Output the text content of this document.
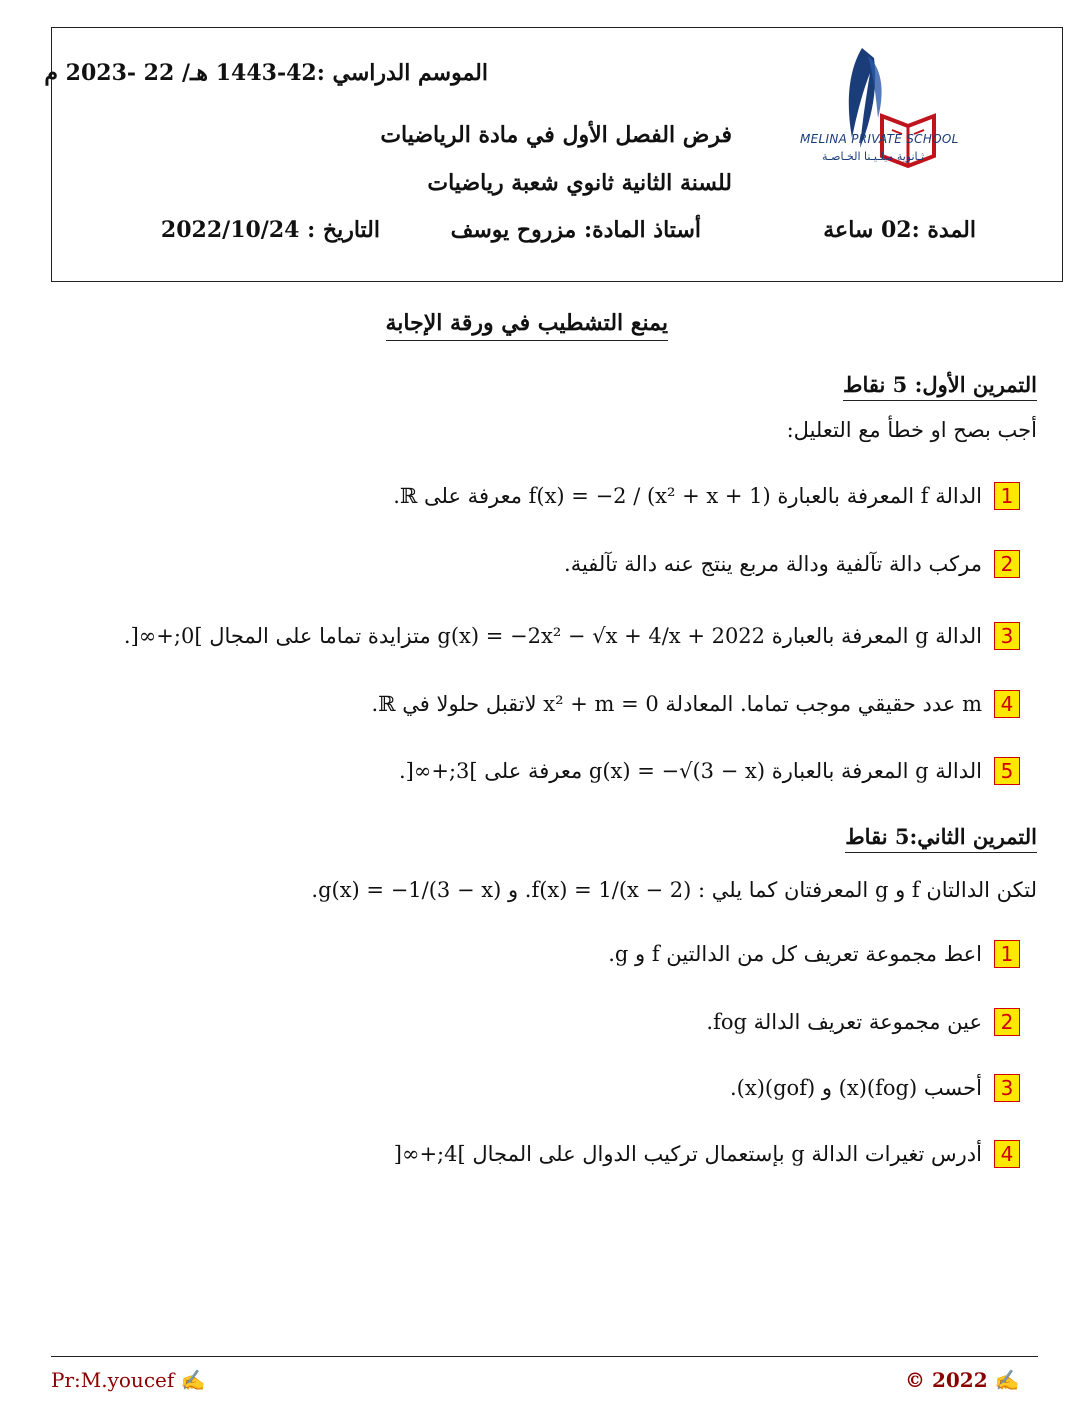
الموسم الدراسي :42-1443 هـ/ 22 -2023 م
فرض الفصل الأول في مادة الرياضيات
للسنة الثانية ثانوي شعبة رياضيات
المدة :02 ساعة
أستاذ المادة: مزروح يوسف
التاريخ : 2022/10/24
MELINA PRIVATE SCHOOL
ثـانوية ميلـيـنا الخـاصـة
يمنع التشطيب في ورقة الإجابة
التمرين الأول: 5 نقاط
أجب بصح او خطأ مع التعليل:
1
الدالة f المعرفة بالعبارة f(x) = −2 / (x² + x + 1) معرفة على ℝ.
2
مركب دالة تآلفية ودالة مربع ينتج عنه دالة تآلفية.
3
الدالة g المعرفة بالعبارة g(x) = −2x² − √x + 4/x + 2022 متزايدة تماما على المجال ]0;+∞[.
4
m عدد حقيقي موجب تماما. المعادلة x² + m = 0 لاتقبل حلولا في ℝ.
5
الدالة g المعرفة بالعبارة g(x) = −√(3 − x) معرفة على ]3;+∞[.
التمرين الثاني:5 نقاط
لتكن الدالتان f و g المعرفتان كما يلي : f(x) = 1/(x − 2). و g(x) = −1/(3 − x).
1
اعط مجموعة تعريف كل من الدالتين f و g.
2
عين مجموعة تعريف الدالة fog.
3
أحسب (fog)(x) و (gof)(x).
4
أدرس تغيرات الدالة g بإستعمال تركيب الدوال على المجال ]4;+∞[
Pr:M.youcef ✍	© 2022 ✍
